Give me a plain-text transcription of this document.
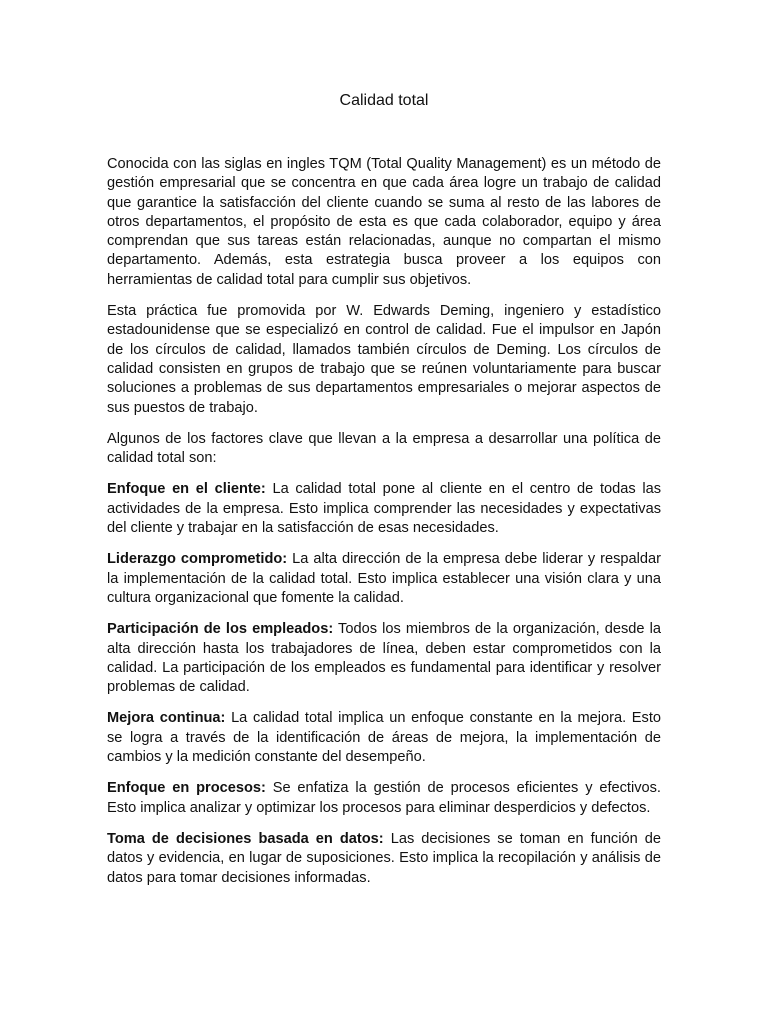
Calidad total

Conocida con las siglas en ingles TQM (Total Quality Management) es un método de gestión empresarial que se concentra en que cada área logre un trabajo de calidad que garantice la satisfacción del cliente cuando se suma al resto de las labores de otros departamentos, el propósito de esta es que cada colaborador, equipo y área comprendan que sus tareas están relacionadas, aunque no compartan el mismo departamento. Además, esta estrategia busca proveer a los equipos con herramientas de calidad total para cumplir sus objetivos.

Esta práctica fue promovida por W. Edwards Deming, ingeniero y estadístico estadounidense que se especializó en control de calidad. Fue el impulsor en Japón de los círculos de calidad, llamados también círculos de Deming. Los círculos de calidad consisten en grupos de trabajo que se reúnen voluntariamente para buscar soluciones a problemas de sus departamentos empresariales o mejorar aspectos de sus puestos de trabajo.

Algunos de los factores clave que llevan a la empresa a desarrollar una política de calidad total son:

Enfoque en el cliente: La calidad total pone al cliente en el centro de todas las actividades de la empresa. Esto implica comprender las necesidades y expectativas del cliente y trabajar en la satisfacción de esas necesidades.

Liderazgo comprometido: La alta dirección de la empresa debe liderar y respaldar la implementación de la calidad total. Esto implica establecer una visión clara y una cultura organizacional que fomente la calidad.

Participación de los empleados: Todos los miembros de la organización, desde la alta dirección hasta los trabajadores de línea, deben estar comprometidos con la calidad. La participación de los empleados es fundamental para identificar y resolver problemas de calidad.

Mejora continua: La calidad total implica un enfoque constante en la mejora. Esto se logra a través de la identificación de áreas de mejora, la implementación de cambios y la medición constante del desempeño.

Enfoque en procesos: Se enfatiza la gestión de procesos eficientes y efectivos. Esto implica analizar y optimizar los procesos para eliminar desperdicios y defectos.

Toma de decisiones basada en datos: Las decisiones se toman en función de datos y evidencia, en lugar de suposiciones. Esto implica la recopilación y análisis de datos para tomar decisiones informadas.
